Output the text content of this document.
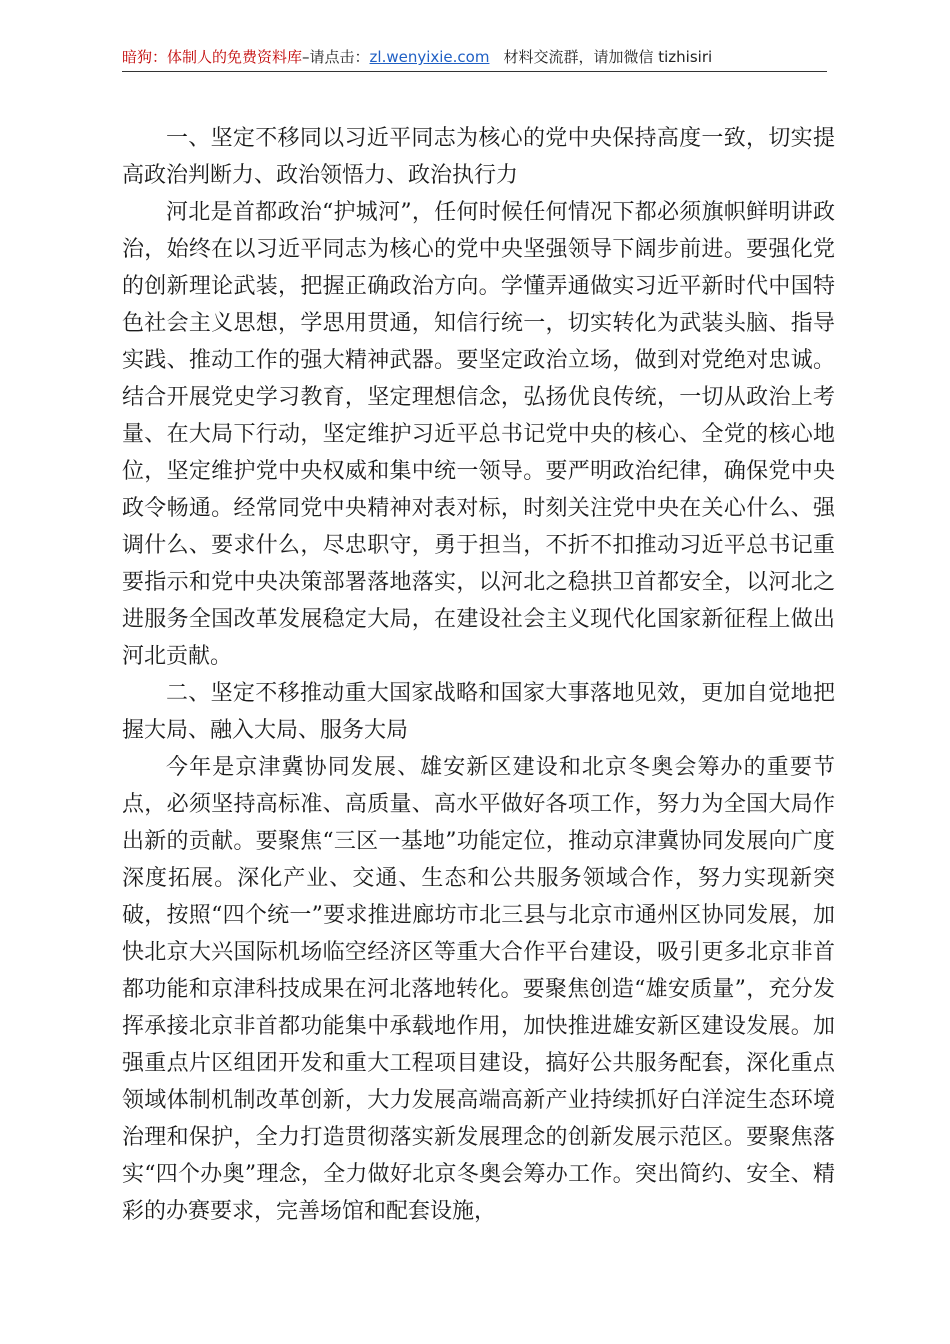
暗狗：体制人的免费资料库–请点击：zl.wenyixie.com 材料交流群，请加微信 tizhisiri

一、坚定不移同以习近平同志为核心的党中央保持高度一致，切实提高政治判断力、政治领悟力、政治执行力

河北是首都政治“护城河”，任何时候任何情况下都必须旗帜鲜明讲政治，始终在以习近平同志为核心的党中央坚强领导下阔步前进。要强化党的创新理论武装，把握正确政治方向。学懂弄通做实习近平新时代中国特色社会主义思想，学思用贯通，知信行统一，切实转化为武装头脑、指导实践、推动工作的强大精神武器。要坚定政治立场，做到对党绝对忠诚。结合开展党史学习教育，坚定理想信念，弘扬优良传统，一切从政治上考量、在大局下行动，坚定维护习近平总书记党中央的核心、全党的核心地位，坚定维护党中央权威和集中统一领导。要严明政治纪律，确保党中央政令畅通。经常同党中央精神对表对标，时刻关注党中央在关心什么、强调什么、要求什么，尽忠职守，勇于担当，不折不扣推动习近平总书记重要指示和党中央决策部署落地落实，以河北之稳拱卫首都安全，以河北之进服务全国改革发展稳定大局，在建设社会主义现代化国家新征程上做出河北贡献。

二、坚定不移推动重大国家战略和国家大事落地见效，更加自觉地把握大局、融入大局、服务大局

今年是京津冀协同发展、雄安新区建设和北京冬奥会筹办的重要节点，必须坚持高标准、高质量、高水平做好各项工作，努力为全国大局作出新的贡献。要聚焦“三区一基地”功能定位，推动京津冀协同发展向广度深度拓展。深化产业、交通、生态和公共服务领域合作，努力实现新突破，按照“四个统一”要求推进廊坊市北三县与北京市通州区协同发展，加快北京大兴国际机场临空经济区等重大合作平台建设，吸引更多北京非首都功能和京津科技成果在河北落地转化。要聚焦创造“雄安质量”，充分发挥承接北京非首都功能集中承载地作用，加快推进雄安新区建设发展。加强重点片区组团开发和重大工程项目建设，搞好公共服务配套，深化重点领域体制机制改革创新，大力发展高端高新产业持续抓好白洋淀生态环境治理和保护，全力打造贯彻落实新发展理念的创新发展示范区。要聚焦落实“四个办奥”理念，全力做好北京冬奥会筹办工作。突出简约、安全、精彩的办赛要求，完善场馆和配套设施，
